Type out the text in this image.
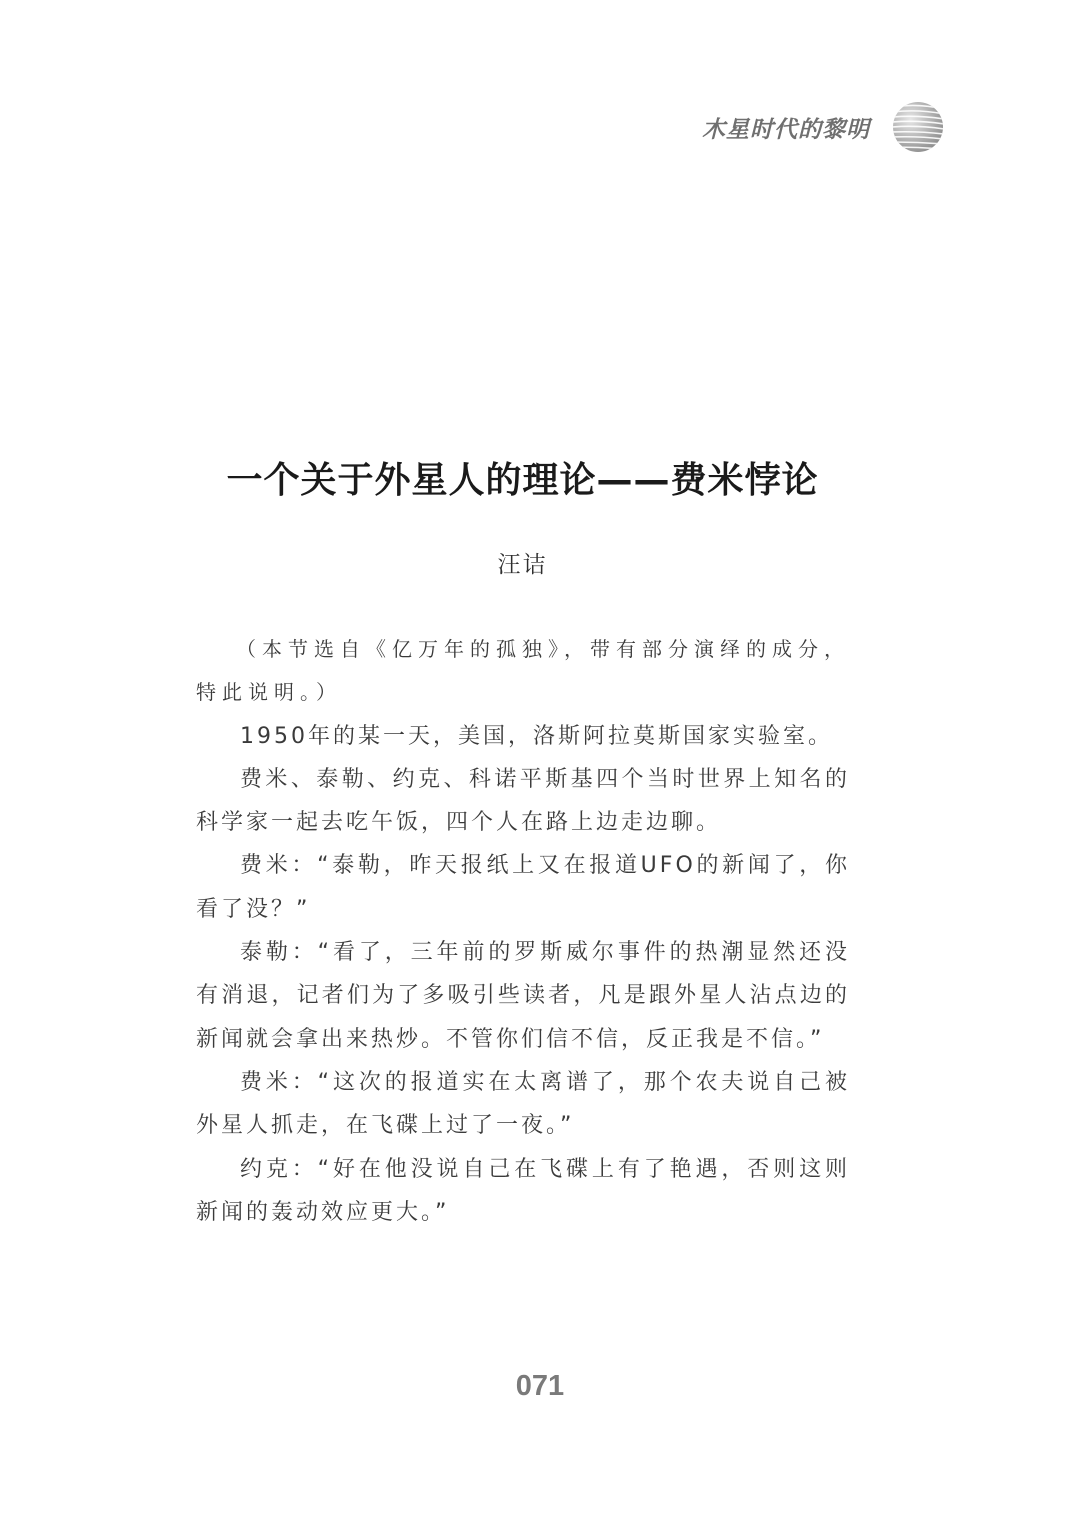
木星时代的黎明
一个关于外星人的理论——费米悖论
汪诘

（本节选自《亿万年的孤独》，带有部分演绎的成分，特此说明。）

1950年的某一天，美国，洛斯阿拉莫斯国家实验室。

费米、泰勒、约克、科诺平斯基四个当时世界上知名的科学家一起去吃午饭，四个人在路上边走边聊。

费米：“泰勒，昨天报纸上又在报道UFO的新闻了，你看了没？”

泰勒：“看了，三年前的罗斯威尔事件的热潮显然还没有消退，记者们为了多吸引些读者，凡是跟外星人沾点边的新闻就会拿出来热炒。不管你们信不信，反正我是不信。”

费米：“这次的报道实在太离谱了，那个农夫说自己被外星人抓走，在飞碟上过了一夜。”

约克：“好在他没说自己在飞碟上有了艳遇，否则这则新闻的轰动效应更大。”

071
